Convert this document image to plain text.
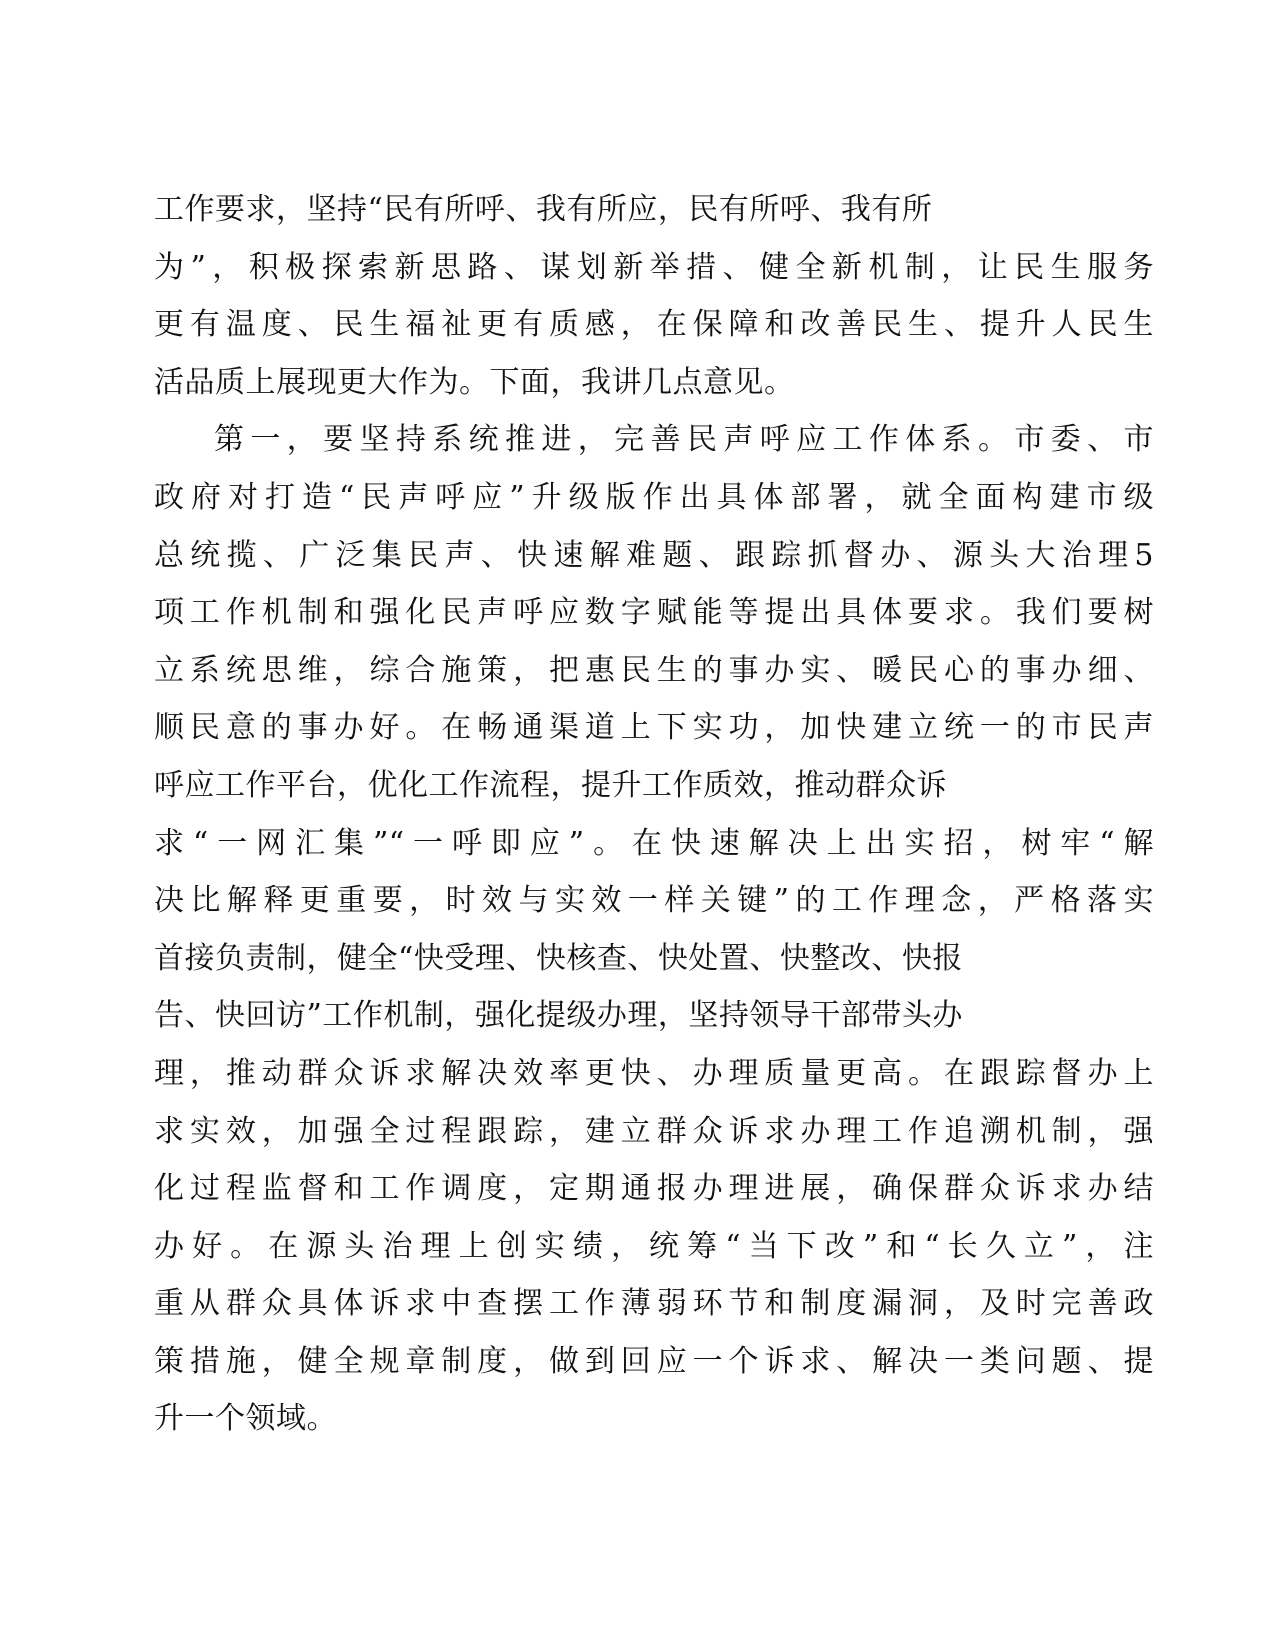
工作要求，坚持“民有所呼、我有所应，民有所呼、我有所
为”，积极探索新思路、谋划新举措、健全新机制，让民生服务
更有温度、民生福祉更有质感，在保障和改善民生、提升人民生
活品质上展现更大作为。下面，我讲几点意见。
第一，要坚持系统推进，完善民声呼应工作体系。市委、市
政府对打造“民声呼应”升级版作出具体部署，就全面构建市级
总统揽、广泛集民声、快速解难题、跟踪抓督办、源头大治理5
项工作机制和强化民声呼应数字赋能等提出具体要求。我们要树
立系统思维，综合施策，把惠民生的事办实、暖民心的事办细、
顺民意的事办好。在畅通渠道上下实功，加快建立统一的市民声
呼应工作平台，优化工作流程，提升工作质效，推动群众诉
求“一网汇集”“一呼即应”。在快速解决上出实招，树牢“解
决比解释更重要，时效与实效一样关键”的工作理念，严格落实
首接负责制，健全“快受理、快核查、快处置、快整改、快报
告、快回访”工作机制，强化提级办理，坚持领导干部带头办
理，推动群众诉求解决效率更快、办理质量更高。在跟踪督办上
求实效，加强全过程跟踪，建立群众诉求办理工作追溯机制，强
化过程监督和工作调度，定期通报办理进展，确保群众诉求办结
办好。在源头治理上创实绩，统筹“当下改”和“长久立”，注
重从群众具体诉求中查摆工作薄弱环节和制度漏洞，及时完善政
策措施，健全规章制度，做到回应一个诉求、解决一类问题、提
升一个领域。
